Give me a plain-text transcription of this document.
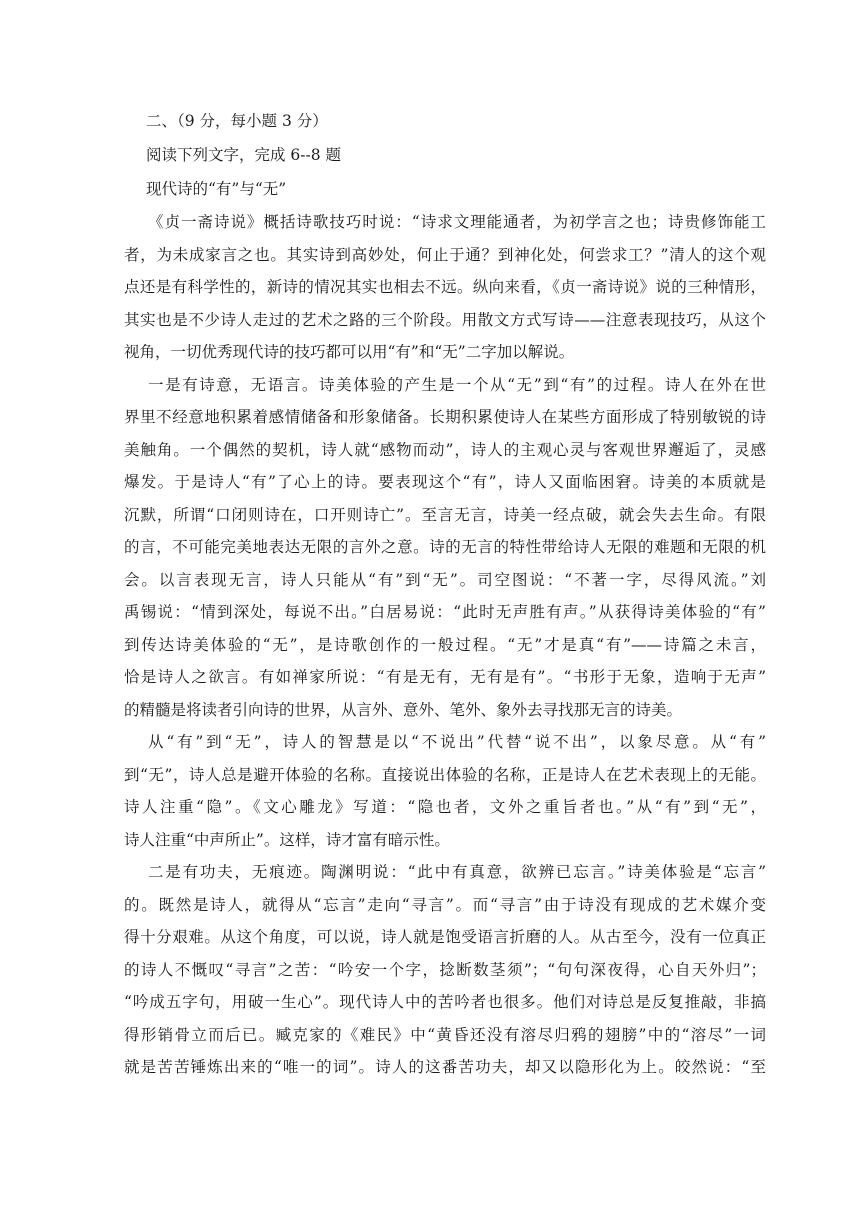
二、（9 分，每小题 3 分）

阅读下列文字，完成 6--8 题

现代诗的“有”与“无”

《贞一斋诗说》概括诗歌技巧时说：“诗求文理能通者，为初学言之也；诗贵修饰能工
者，为未成家言之也。其实诗到高妙处，何止于通？到神化处，何尝求工？”清人的这个观
点还是有科学性的，新诗的情况其实也相去不远。纵向来看，《贞一斋诗说》说的三种情形，
其实也是不少诗人走过的艺术之路的三个阶段。用散文方式写诗——注意表现技巧，从这个
视角，一切优秀现代诗的技巧都可以用“有”和“无”二字加以解说。
一是有诗意，无语言。诗美体验的产生是一个从“无”到“有”的过程。诗人在外在世
界里不经意地积累着感情储备和形象储备。长期积累使诗人在某些方面形成了特别敏锐的诗
美触角。一个偶然的契机，诗人就“感物而动”，诗人的主观心灵与客观世界邂逅了，灵感
爆发。于是诗人“有”了心上的诗。要表现这个“有”，诗人又面临困窘。诗美的本质就是
沉默，所谓“口闭则诗在，口开则诗亡”。至言无言，诗美一经点破，就会失去生命。有限
的言，不可能完美地表达无限的言外之意。诗的无言的特性带给诗人无限的难题和无限的机
会。以言表现无言，诗人只能从“有”到“无”。司空图说：“不著一字，尽得风流。”刘
禹锡说：“情到深处，每说不出。”白居易说：“此时无声胜有声。”从获得诗美体验的“有”
到传达诗美体验的“无”，是诗歌创作的一般过程。“无”才是真“有”——诗篇之未言，
恰是诗人之欲言。有如禅家所说：“有是无有，无有是有”。“书形于无象，造响于无声”
的精髓是将读者引向诗的世界，从言外、意外、笔外、象外去寻找那无言的诗美。
从“有”到“无”，诗人的智慧是以“不说出”代替“说不出”，以象尽意。从“有”
到“无”，诗人总是避开体验的名称。直接说出体验的名称，正是诗人在艺术表现上的无能。
诗人注重“隐”。《文心雕龙》写道：“隐也者，文外之重旨者也。”从“有”到“无”，
诗人注重“中声所止”。这样，诗才富有暗示性。
二是有功夫，无痕迹。陶渊明说：“此中有真意，欲辨已忘言。”诗美体验是“忘言”
的。既然是诗人，就得从“忘言”走向“寻言”。而“寻言”由于诗没有现成的艺术媒介变
得十分艰难。从这个角度，可以说，诗人就是饱受语言折磨的人。从古至今，没有一位真正
的诗人不慨叹“寻言”之苦：“吟安一个字，捻断数茎须”；“句句深夜得，心自天外归”；
“吟成五字句，用破一生心”。现代诗人中的苦吟者也很多。他们对诗总是反复推敲，非搞
得形销骨立而后已。臧克家的《难民》中“黄昏还没有溶尽归鸦的翅膀”中的“溶尽”一词
就是苦苦锤炼出来的“唯一的词”。诗人的这番苦功夫，却又以隐形化为上。皎然说：“至
